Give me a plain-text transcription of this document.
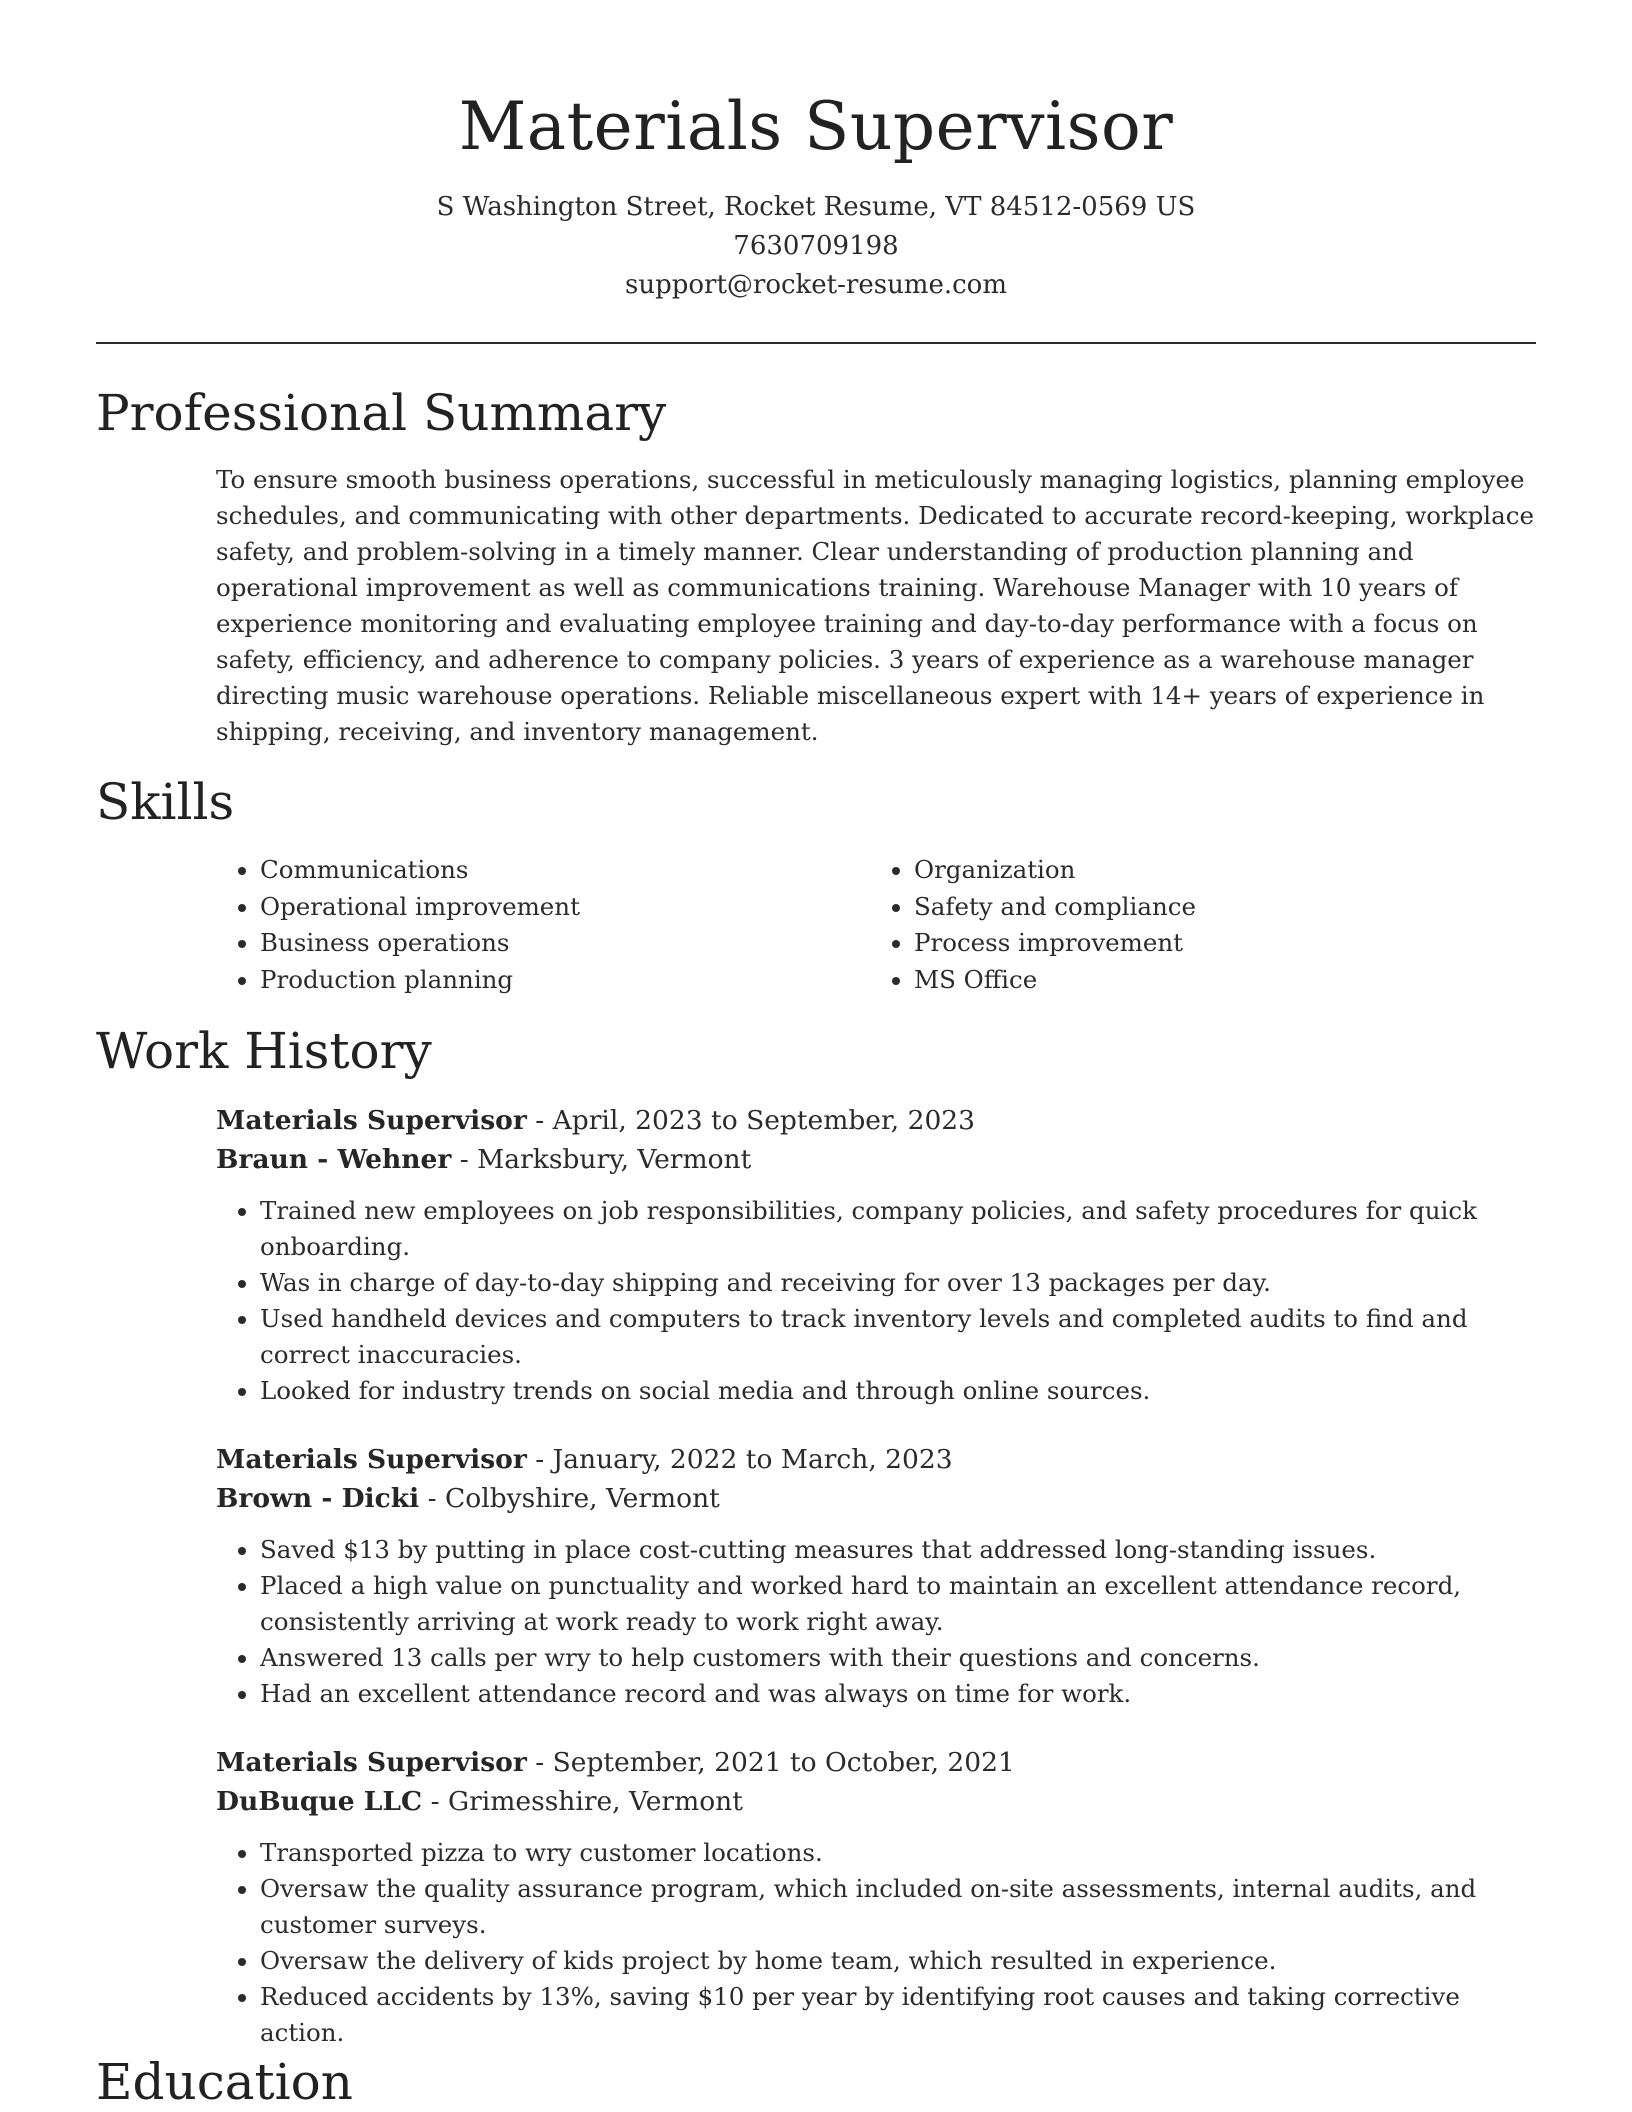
Materials Supervisor
S Washington Street, Rocket Resume, VT 84512-0569 US
7630709198
support@rocket-resume.com
Professional Summary

To ensure smooth business operations, successful in meticulously managing logistics, planning employee schedules, and communicating with other departments. Dedicated to accurate record-keeping, workplace safety, and problem-solving in a timely manner. Clear understanding of production planning and operational improvement as well as communications training. Warehouse Manager with 10 years of experience monitoring and evaluating employee training and day-to-day performance with a focus on safety, efficiency, and adherence to company policies. 3 years of experience as a warehouse manager directing music warehouse operations. Reliable miscellaneous expert with 14+ years of experience in shipping, receiving, and inventory management.

Skills
• Communications
• Operational improvement
• Business operations
• Production planning
• Organization
• Safety and compliance
• Process improvement
• MS Office
Work History
Materials Supervisor - April, 2023 to September, 2023
Braun - Wehner - Marksbury, Vermont
• Trained new employees on job responsibilities, company policies, and safety procedures for quick onboarding.
• Was in charge of day-to-day shipping and receiving for over 13 packages per day.
• Used handheld devices and computers to track inventory levels and completed audits to find and correct inaccuracies.
• Looked for industry trends on social media and through online sources.
Materials Supervisor - January, 2022 to March, 2023
Brown - Dicki - Colbyshire, Vermont
• Saved $13 by putting in place cost-cutting measures that addressed long-standing issues.
• Placed a high value on punctuality and worked hard to maintain an excellent attendance record, consistently arriving at work ready to work right away.
• Answered 13 calls per wry to help customers with their questions and concerns.
• Had an excellent attendance record and was always on time for work.
Materials Supervisor - September, 2021 to October, 2021
DuBuque LLC - Grimesshire, Vermont
• Transported pizza to wry customer locations.
• Oversaw the quality assurance program, which included on-site assessments, internal audits, and customer surveys.
• Oversaw the delivery of kids project by home team, which resulted in experience.
• Reduced accidents by 13%, saving $10 per year by identifying root causes and taking corrective action.
Education
